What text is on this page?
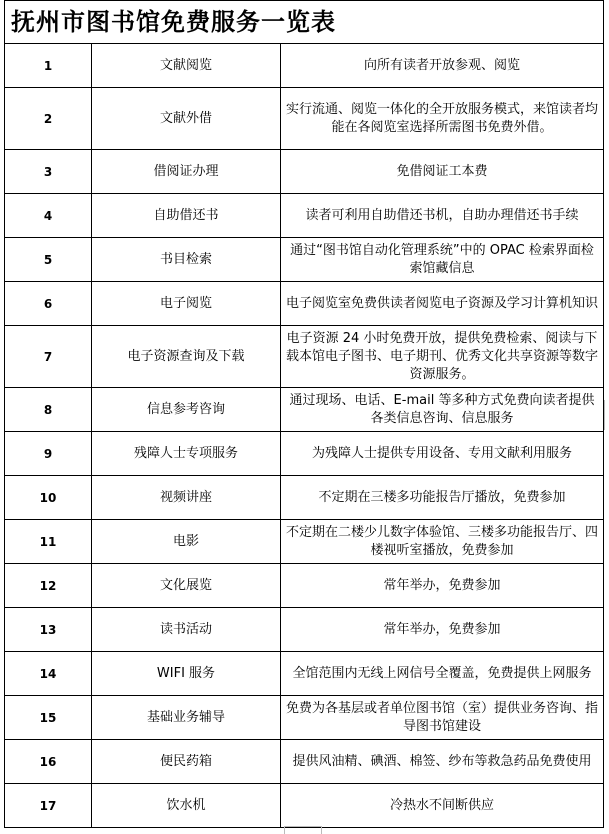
抚州市图书馆免费服务一览表
1	文献阅览	向所有读者开放参观、阅览
2	文献外借	实行流通、阅览一体化的全开放服务模式，来馆读者均能在各阅览室选择所需图书免费外借。
3	借阅证办理	免借阅证工本费
4	自助借还书	读者可利用自助借还书机，自助办理借还书手续
5	书目检索	通过“图书馆自动化管理系统”中的 OPAC 检索界面检索馆藏信息
6	电子阅览	电子阅览室免费供读者阅览电子资源及学习计算机知识
7	电子资源查询及下载	电子资源 24 小时免费开放，提供免费检索、阅读与下载本馆电子图书、电子期刊、优秀文化共享资源等数字资源服务。
8	信息参考咨询	通过现场、电话、E-mail 等多种方式免费向读者提供各类信息咨询、信息服务
9	残障人士专项服务	为残障人士提供专用设备、专用文献利用服务
10	视频讲座	不定期在三楼多功能报告厅播放，免费参加
11	电影	不定期在二楼少儿数字体验馆、三楼多功能报告厅、四楼视听室播放，免费参加
12	文化展览	常年举办，免费参加
13	读书活动	常年举办，免费参加
14	WIFI 服务	全馆范围内无线上网信号全覆盖，免费提供上网服务
15	基础业务辅导	免费为各基层或者单位图书馆（室）提供业务咨询、指导图书馆建设
16	便民药箱	提供风油精、碘酒、棉签、纱布等救急药品免费使用
17	饮水机	冷热水不间断供应
